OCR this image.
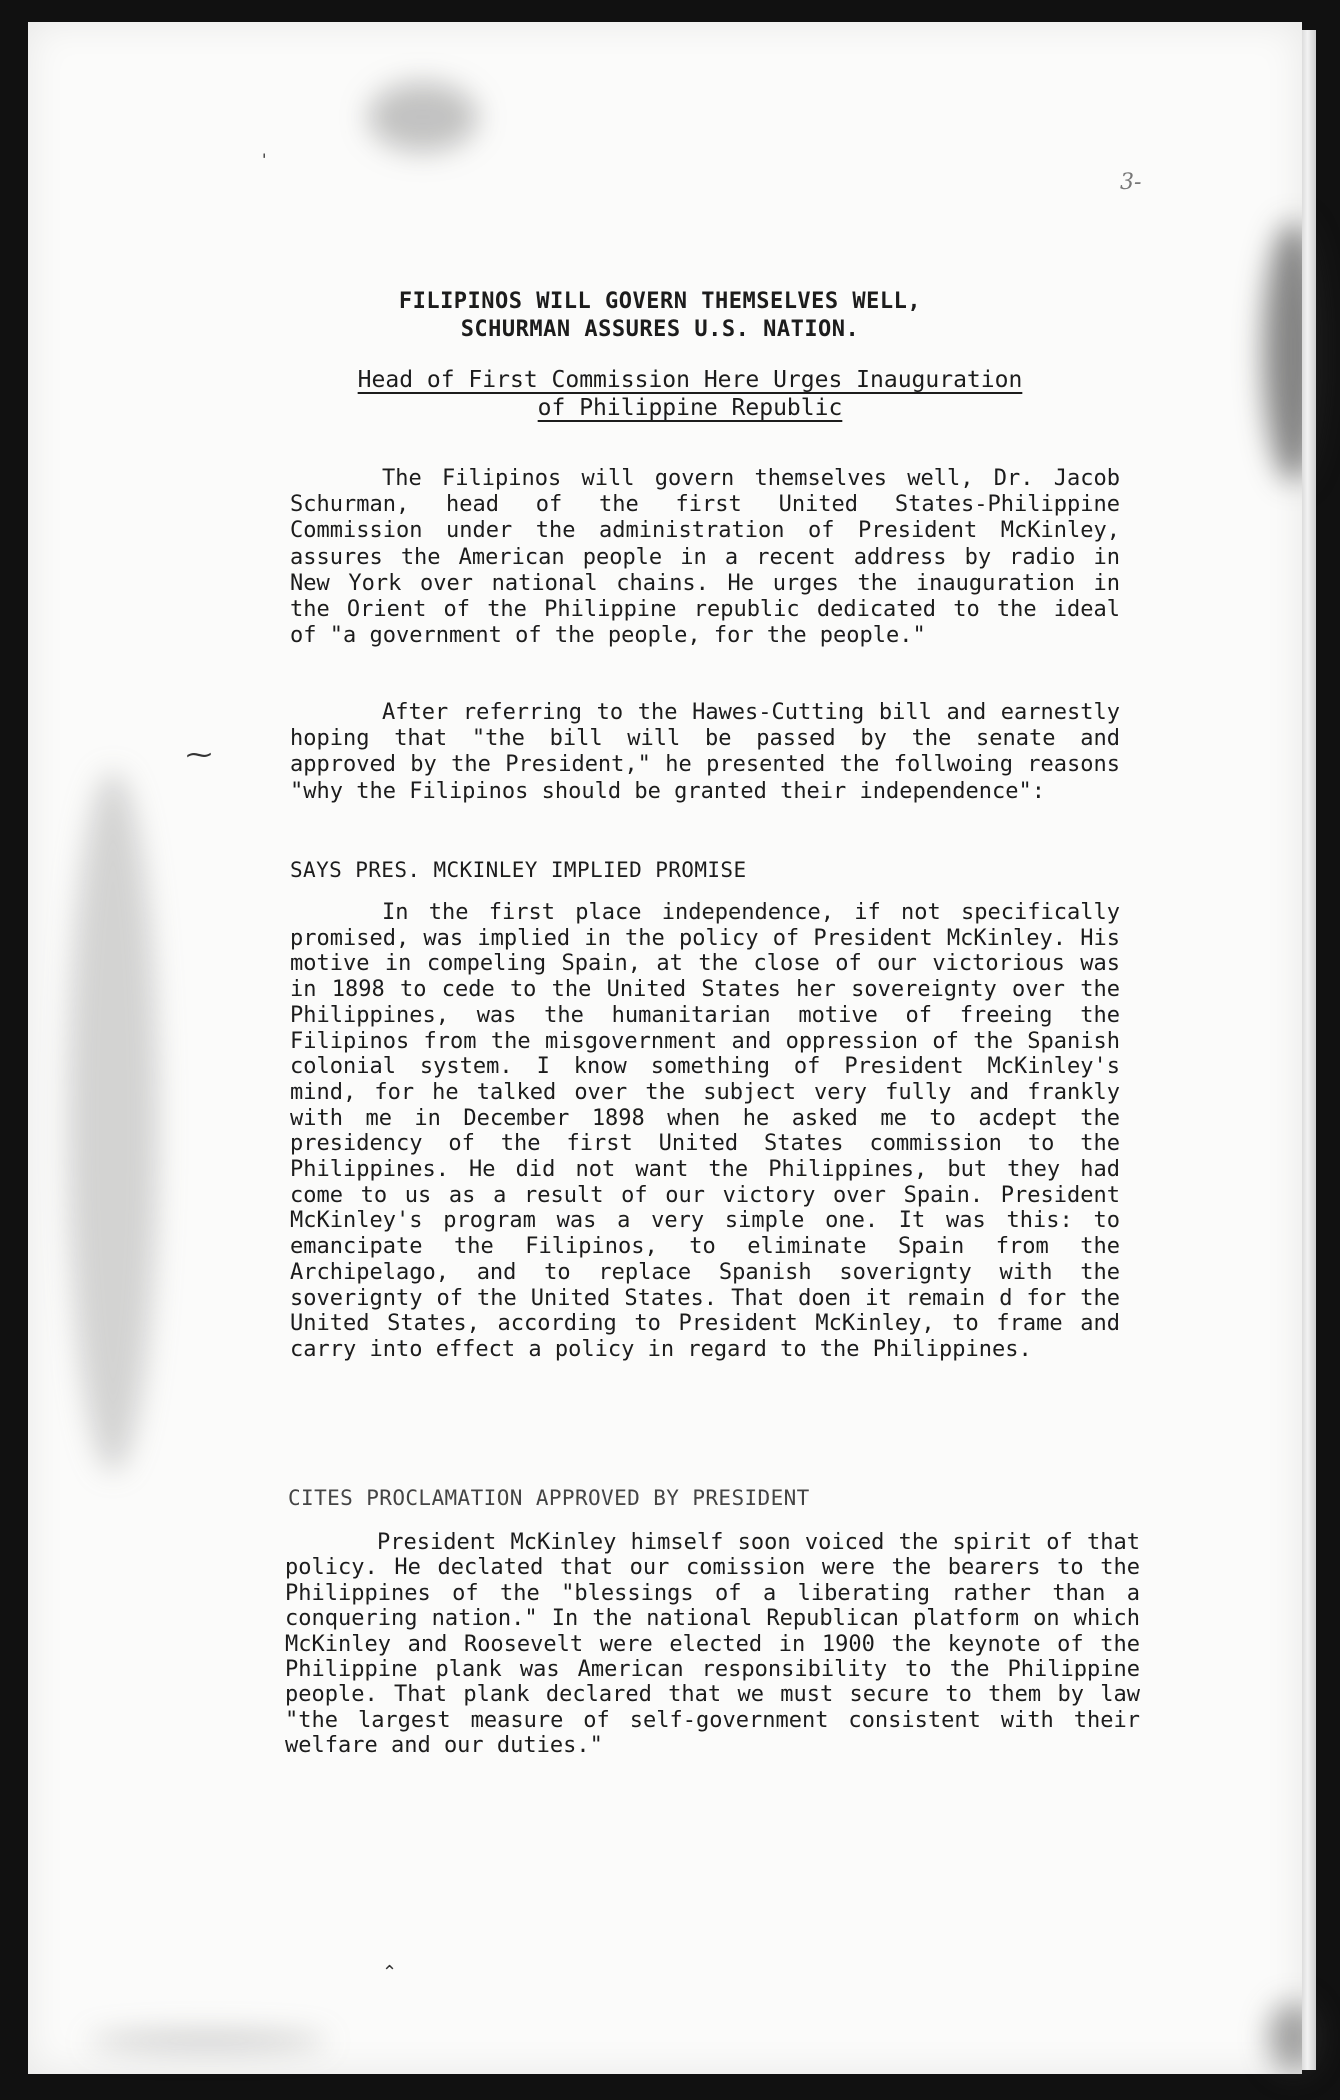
3-
FILIPINOS WILL GOVERN THEMSELVES WELL,
SCHURMAN ASSURES U.S. NATION.
Head of First Commission Here Urges Inauguration
of Philippine Republic
The Filipinos will govern themselves well, Dr. Jacob Schurman, head of the first United States-Philippine Commission under the administration of President McKinley, assures the American people in a recent address by radio in New York over national chains. He urges the inauguration in the Orient of the Philippine republic dedicated to the ideal of "a government of the people, for the people."
After referring to the Hawes-Cutting bill and earnestly hoping that "the bill will be passed by the senate and approved by the President," he presented the follwoing reasons "why the Filipinos should be granted their independence":
SAYS PRES. MCKINLEY IMPLIED PROMISE
In the first place independence, if not specifically promised, was implied in the policy of President McKinley. His motive in compeling Spain, at the close of our victorious was in 1898 to cede to the United States her soverеignty over the Philippines, was the humanitarian motive of freeing the Filipinos from the misgovernment and oppression of the Spanish colonial system. I know something of President McKinley's mind, for he talked over the subject very fully and frankly with me in December 1898 when he asked me to acdept the presidency of the first United States commission to the Philippines. He did not want the Philippines, but they had come to us as a result of our victory over Spain. President McKinley's program was a very simple one. It was this: to emancipate the Filipinos, to eliminate Spain from the Archipelago, and to replace Spanish soverignty with the soverignty of the United States. That doen it remain d for the United States, according to President McKinley, to frame and carry into effect a policy in regard to the Philippines.
CITES PROCLAMATION APPROVED BY PRESIDENT
President McKinley himself soon voiced the spirit of that policy. He declated that our comission were the bearers to the Philippines of the "blessings of a liberating rather than a conquering nation." In the national Republican platform on which McKinley and Roosevelt were elected in 1900 the keynote of the Philippine plank was American responsibility to the Philippine people. That plank declared that we must secure to them by law "the largest measure of self-government consistent with their welfare and our duties."
'
⁓
⌃
